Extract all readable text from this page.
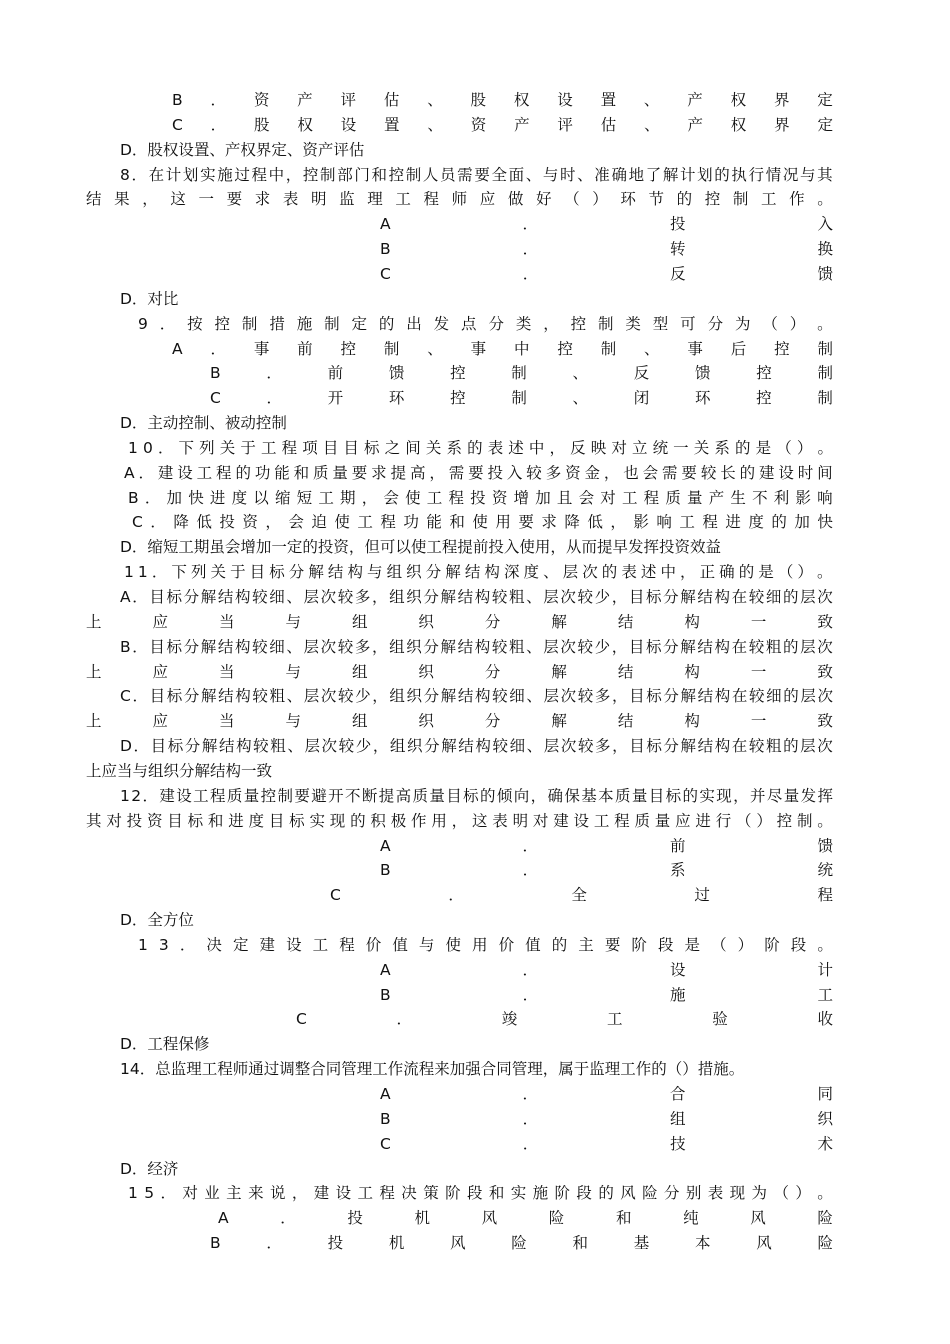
B ． 资 产 评 估 、 股 权 设 置 、 产 权 界 定
C ． 股 权 设 置 、 资 产 评 估 、 产 权 界 定
D．股权设置、产权界定、资产评估
8 ． 在 计 划 实 施 过 程 中 ， 控 制 部 门 和 控 制 人 员 需 要 全 面 、 与 时 、 准 确 地 了 解 计 划 的 执 行 情 况 与 其
结 果 ， 这 一 要 求 表 明 监 理 工 程 师 应 做 好 （ ） 环 节 的 控 制 工 作 。
A	．	投	入
B	．	转	换
C	．	反	馈
D．对比
9 ． 按 控 制 措 施 制 定 的 出 发 点 分 类 ， 控 制 类 型 可 分 为 （ ） 。
A ． 事 前 控 制 、 事 中 控 制 、 事 后 控 制
B	．	前	馈	控	制	、	反	馈	控	制
C	．	开	环	控	制	、	闭	环	控	制
D．主动控制、被动控制
1 0 ． 下 列 关 于 工 程 项 目 目 标 之 间 关 系 的 表 述 中 ， 反 映 对 立 统 一 关 系 的 是 （ ） 。
A ． 建 设 工 程 的 功 能 和 质 量 要 求 提 高 ， 需 要 投 入 较 多 资 金 ， 也 会 需 要 较 长 的 建 设 时 间
B ． 加 快 进 度 以 缩 短 工 期 ， 会 使 工 程 投 资 增 加 且 会 对 工 程 质 量 产 生 不 利 影 响
C ． 降 低 投 资 ， 会 迫 使 工 程 功 能 和 使 用 要 求 降 低 ， 影 响 工 程 进 度 的 加 快
D．缩短工期虽会增加一定的投资，但可以使工程提前投入使用，从而提早发挥投资效益
1 1 ． 下 列 关 于 目 标 分 解 结 构 与 组 织 分 解 结 构 深 度 、 层 次 的 表 述 中 ， 正 确 的 是 （ ） 。
A ． 目 标 分 解 结 构 较 细 、 层 次 较 多 ， 组 织 分 解 结 构 较 粗 、 层 次 较 少 ， 目 标 分 解 结 构 在 较 细 的 层 次
上	应	当	与	组	织	分	解	结	构	一	致
B ． 目 标 分 解 结 构 较 细 、 层 次 较 多 ， 组 织 分 解 结 构 较 粗 、 层 次 较 少 ， 目 标 分 解 结 构 在 较 粗 的 层 次
上	应	当	与	组	织	分	解	结	构	一	致
C ． 目 标 分 解 结 构 较 粗 、 层 次 较 少 ， 组 织 分 解 结 构 较 细 、 层 次 较 多 ， 目 标 分 解 结 构 在 较 细 的 层 次
上	应	当	与	组	织	分	解	结	构	一	致
D ． 目 标 分 解 结 构 较 粗 、 层 次 较 少 ， 组 织 分 解 结 构 较 细 、 层 次 较 多 ， 目 标 分 解 结 构 在 较 粗 的 层 次
上应当与组织分解结构一致
1 2 ． 建 设 工 程 质 量 控 制 要 避 开 不 断 提 高 质 量 目 标 的 倾 向 ， 确 保 基 本 质 量 目 标 的 实 现 ， 并 尽 量 发 挥
其 对 投 资 目 标 和 进 度 目 标 实 现 的 积 极 作 用 ， 这 表 明 对 建 设 工 程 质 量 应 进 行 （ ） 控 制 。
A	．	前	馈
B	．	系	统
C	．	全	过	程
D．全方位
1 3 ． 决 定 建 设 工 程 价 值 与 使 用 价 值 的 主 要 阶 段 是 （ ） 阶 段 。
A	．	设	计
B	．	施	工
C	．	竣	工	验	收
D．工程保修
14．总监理工程师通过调整合同管理工作流程来加强合同管理，属于监理工作的（）措施。
A	．	合	同
B	．	组	织
C	．	技	术
D．经济
1 5 ． 对 业 主 来 说 ， 建 设 工 程 决 策 阶 段 和 实 施 阶 段 的 风 险 分 别 表 现 为 （ ） 。
A	．	投	机	风	险	和	纯	风	险
B	．	投	机	风	险	和	基	本	风	险
